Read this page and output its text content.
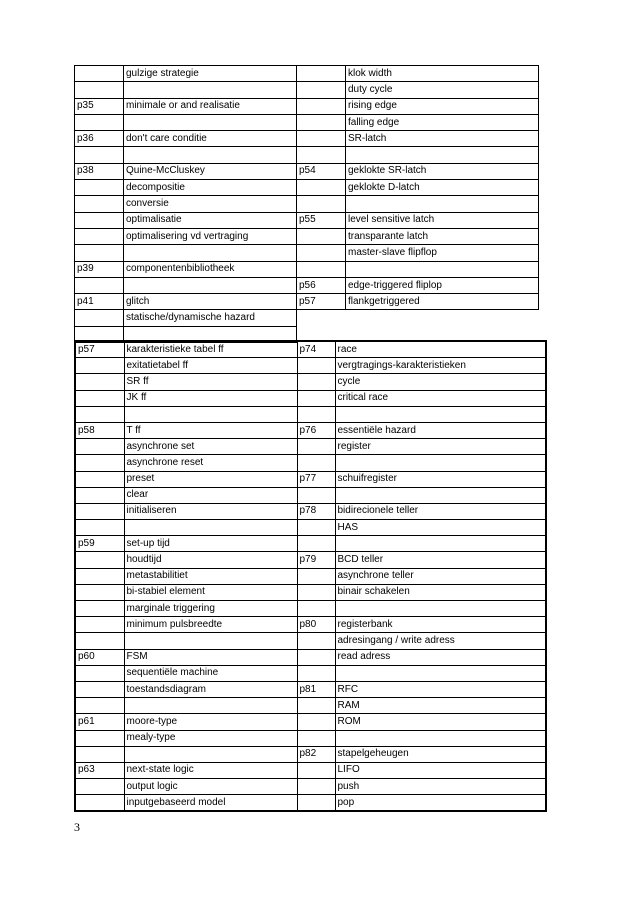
	gulzige strategie		klok width
			duty cycle
p35	minimale or and realisatie		rising edge
			falling edge
p36	don't care conditie		SR-latch

p38	Quine-McCluskey	p54	geklokte SR-latch
	decompositie		geklokte D-latch
	conversie		
	optimalisatie	p55	level sensitive latch
	optimalisering vd vertraging		transparante latch
			master-slave flipflop
p39	componentenbibliotheek		
		p56	edge-triggered fliplop
p41	glitch	p57	flankgetriggered
	statische/dynamische hazard		

p57	karakteristieke tabel ff	p74	race
	exitatietabel ff		vergtragings-karakteristieken
	SR ff		cycle
	JK ff		critical race

p58	T ff	p76	essentiële hazard
	asynchrone set		register
	asynchrone reset		
	preset	p77	schuifregister
	clear		
	initialiseren	p78	bidirecionele teller
			HAS
p59	set-up tijd		
	houdtijd	p79	BCD teller
	metastabilitiet		asynchrone teller
	bi-stabiel element		binair schakelen
	marginale triggering		
	minimum pulsbreedte	p80	registerbank
			adresingang / write adress
p60	FSM		read adress
	sequentiële machine		
	toestandsdiagram	p81	RFC
			RAM
p61	moore-type		ROM
	mealy-type		
		p82	stapelgeheugen
p63	next-state logic		LIFO
	output logic		push
	inputgebaseerd model		pop
3
